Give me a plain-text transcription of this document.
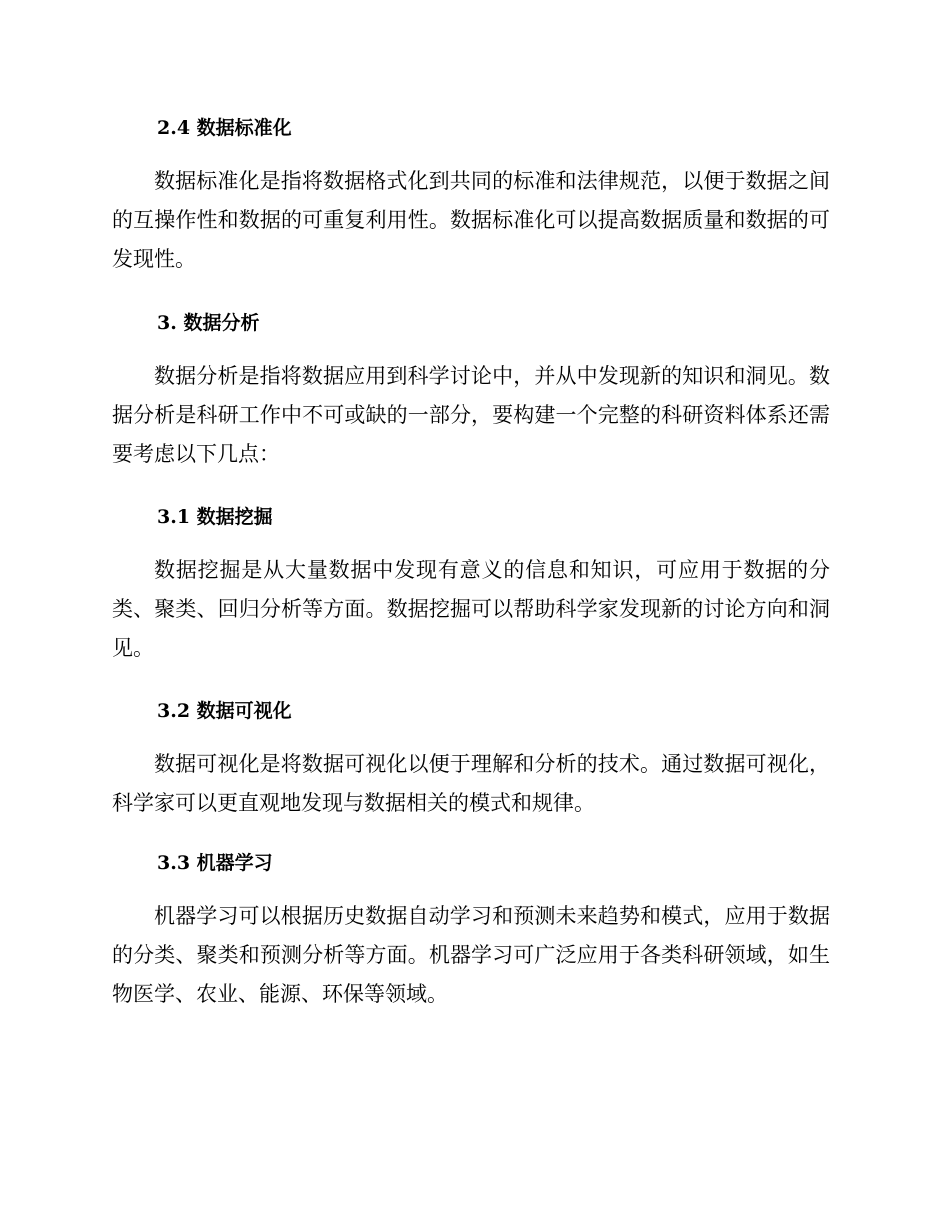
2.4 数据标准化

数据标准化是指将数据格式化到共同的标准和法律规范，以便于数据之间的互操作性和数据的可重复利用性。数据标准化可以提高数据质量和数据的可发现性。

3. 数据分析

数据分析是指将数据应用到科学讨论中，并从中发现新的知识和洞见。数据分析是科研工作中不可或缺的一部分，要构建一个完整的科研资料体系还需要考虑以下几点：

3.1 数据挖掘

数据挖掘是从大量数据中发现有意义的信息和知识，可应用于数据的分类、聚类、回归分析等方面。数据挖掘可以帮助科学家发现新的讨论方向和洞见。

3.2 数据可视化

数据可视化是将数据可视化以便于理解和分析的技术。通过数据可视化，科学家可以更直观地发现与数据相关的模式和规律。

3.3 机器学习

机器学习可以根据历史数据自动学习和预测未来趋势和模式，应用于数据的分类、聚类和预测分析等方面。机器学习可广泛应用于各类科研领域，如生物医学、农业、能源、环保等领域。
